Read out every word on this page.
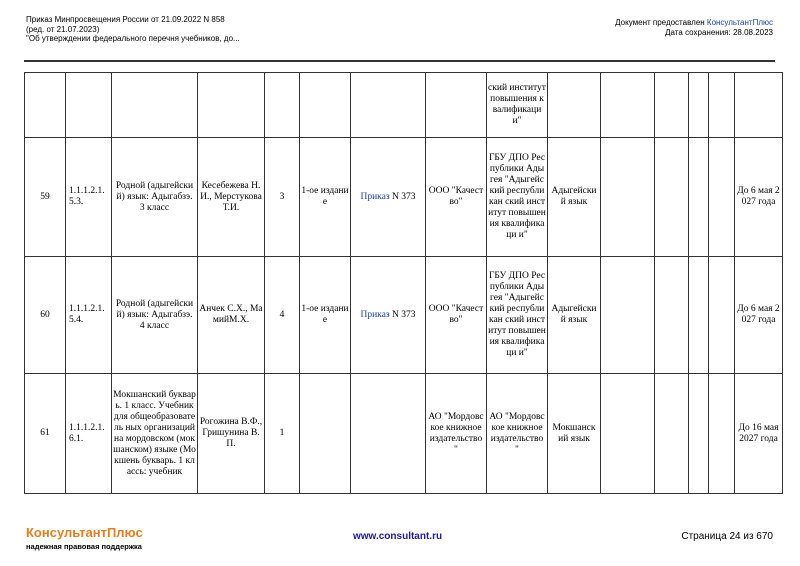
Приказ Минпросвещения России от 21.09.2022 N 858
(ред. от 21.07.2023)
"Об утверждении федерального перечня учебников, до...
Документ предоставлен КонсультантПлюс
Дата сохранения: 28.08.2023
								ский институт повышения квалификаци и"						
59	1.1.1.2.1. 5.3.	Родной (адыгейский) язык: Адыгабзэ. 3 класс	Кесебежева Н.И., Мерстукова Т.И.	3	1-ое издание	Приказ N 373	ООО "Качество"	ГБУ ДПО Республики Адыгея "Адыгейский республикан ский институт повышения квалификаци и"	Адыгейски й язык					До 6 мая 2027 года
60	1.1.1.2.1. 5.4.	Родной (адыгейский) язык: Адыгабзэ. 4 класс	Анчек С.Х., МамийМ.Х.	4	1-ое издание	Приказ N 373	ООО "Качество"	ГБУ ДПО Республики Адыгея "Адыгейский республикан ский институт повышения квалификаци и"	Адыгейски й язык					До 6 мая 2027 года
61	1.1.1.2.1. 6.1.	Мокшанский букварь. 1 класс. Учебник для общеобразователь ных организаций на мордовском (мокшанском) языке (Мокшень букварь. 1 классь: учебник	Рогожина В.Ф., Гришунина В.П.	1			АО "Мордовское книжное издательство "	АО "Мордовское книжное издательство "	Мокшанск ий язык					До 16 мая 2027 года
КонсультантПлюс
надежная правовая поддержка
www.consultant.ru	Страница 24 из 670
